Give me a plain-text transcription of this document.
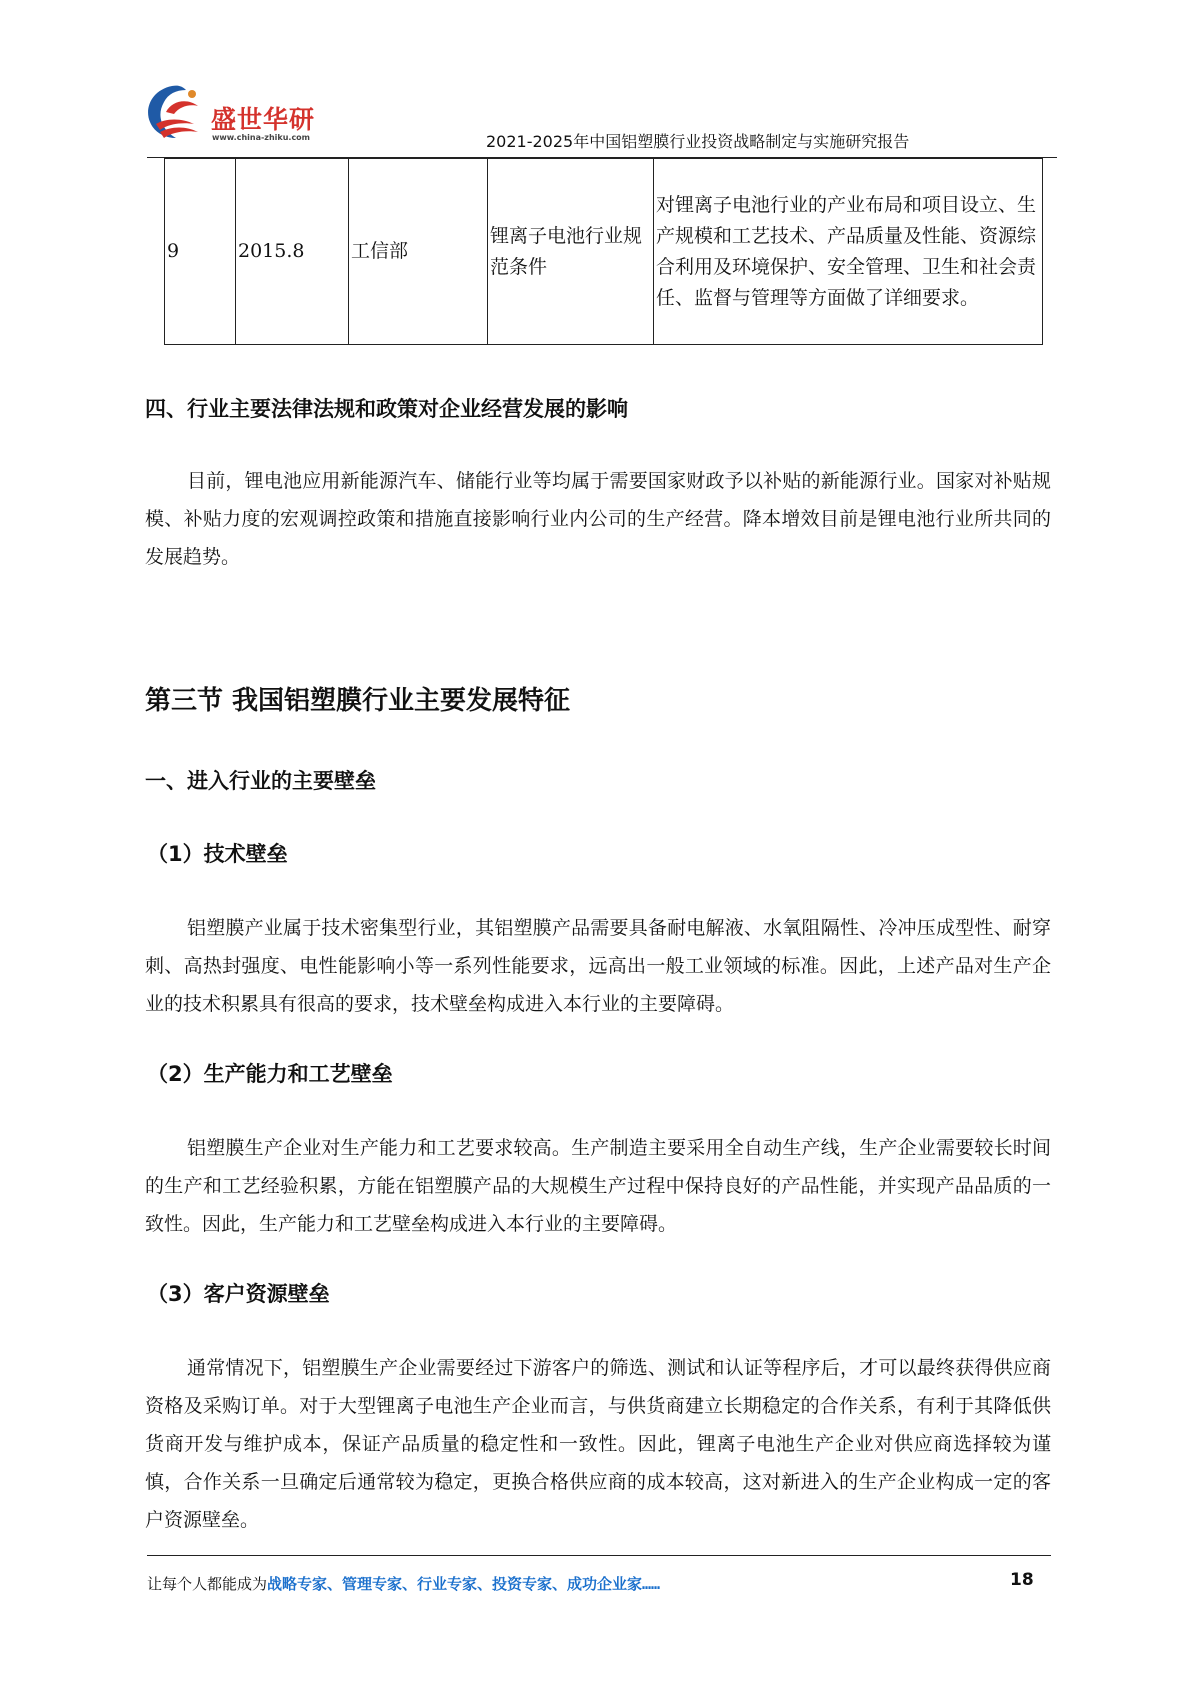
盛世华研
www.china-zhiku.com	2021-2025年中国铝塑膜行业投资战略制定与实施研究报告
9	2015.8	工信部	锂离子电池行业规范条件	对锂离子电池行业的产业布局和项目设立、生产规模和工艺技术、产品质量及性能、资源综合利用及环境保护、安全管理、卫生和社会责任、监督与管理等方面做了详细要求。
四、行业主要法律法规和政策对企业经营发展的影响

目前，锂电池应用新能源汽车、储能行业等均属于需要国家财政予以补贴的新能源行业。国家对补贴规模、补贴力度的宏观调控政策和措施直接影响行业内公司的生产经营。降本增效目前是锂电池行业所共同的发展趋势。

第三节 我国铝塑膜行业主要发展特征
一、进入行业的主要壁垒
（1）技术壁垒

铝塑膜产业属于技术密集型行业，其铝塑膜产品需要具备耐电解液、水氧阻隔性、冷冲压成型性、耐穿刺、高热封强度、电性能影响小等一系列性能要求，远高出一般工业领域的标准。因此，上述产品对生产企业的技术积累具有很高的要求，技术壁垒构成进入本行业的主要障碍。

（2）生产能力和工艺壁垒

铝塑膜生产企业对生产能力和工艺要求较高。生产制造主要采用全自动生产线，生产企业需要较长时间的生产和工艺经验积累，方能在铝塑膜产品的大规模生产过程中保持良好的产品性能，并实现产品品质的一致性。因此，生产能力和工艺壁垒构成进入本行业的主要障碍。

（3）客户资源壁垒

通常情况下，铝塑膜生产企业需要经过下游客户的筛选、测试和认证等程序后，才可以最终获得供应商资格及采购订单。对于大型锂离子电池生产企业而言，与供货商建立长期稳定的合作关系，有利于其降低供货商开发与维护成本，保证产品质量的稳定性和一致性。因此，锂离子电池生产企业对供应商选择较为谨慎，合作关系一旦确定后通常较为稳定，更换合格供应商的成本较高，这对新进入的生产企业构成一定的客户资源壁垒。

让每个人都能成为战略专家、管理专家、行业专家、投资专家、成功企业家……	18
